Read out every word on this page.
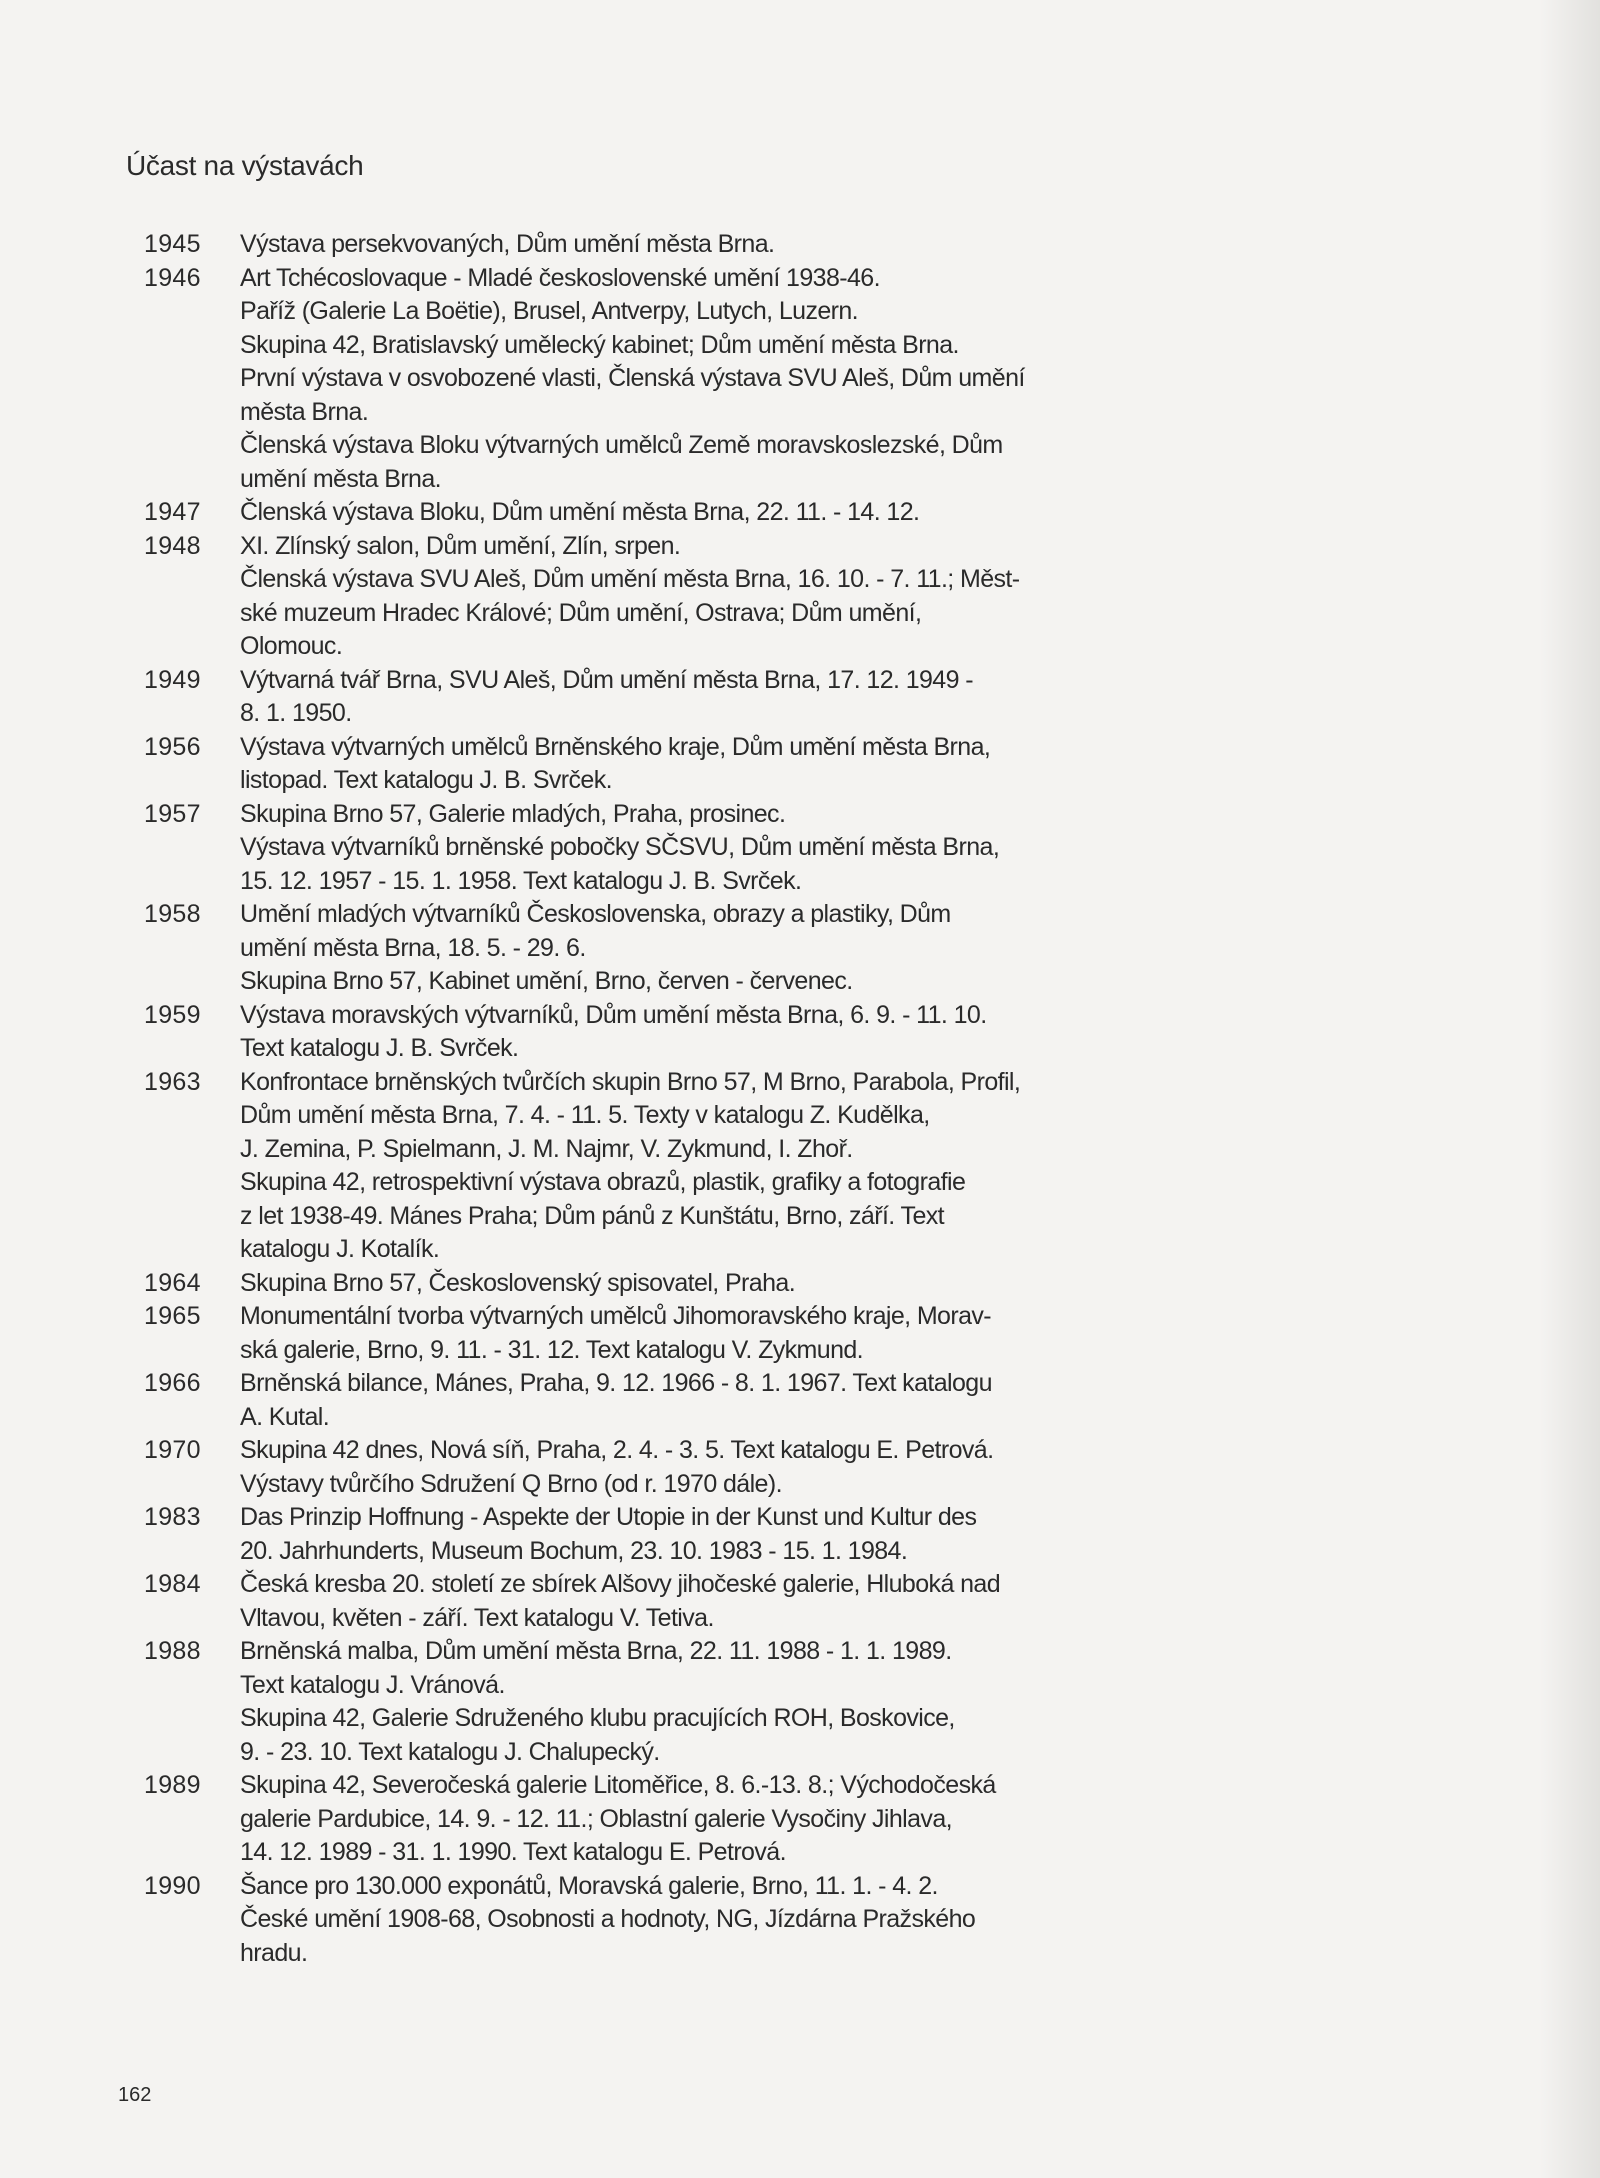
Účast na výstavách
1945	Výstava persekvovaných, Dům umění města Brna.
1946	Art Tchécoslovaque - Mladé československé umění 1938-46.
Paříž (Galerie La Boëtie), Brusel, Antverpy, Lutych, Luzern.
Skupina 42, Bratislavský umělecký kabinet; Dům umění města Brna.
První výstava v osvobozené vlasti, Členská výstava SVU Aleš, Dům umění
města Brna.
Členská výstava Bloku výtvarných umělců Země moravskoslezské, Dům
umění města Brna.
1947	Členská výstava Bloku, Dům umění města Brna, 22. 11. - 14. 12.
1948	XI. Zlínský salon, Dům umění, Zlín, srpen.
Členská výstava SVU Aleš, Dům umění města Brna, 16. 10. - 7. 11.; Měst-
ské muzeum Hradec Králové; Dům umění, Ostrava; Dům umění,
Olomouc.
1949	Výtvarná tvář Brna, SVU Aleš, Dům umění města Brna, 17. 12. 1949 -
8. 1. 1950.
1956	Výstava výtvarných umělců Brněnského kraje, Dům umění města Brna,
listopad. Text katalogu J. B. Svrček.
1957	Skupina Brno 57, Galerie mladých, Praha, prosinec.
Výstava výtvarníků brněnské pobočky SČSVU, Dům umění města Brna,
15. 12. 1957 - 15. 1. 1958. Text katalogu J. B. Svrček.
1958	Umění mladých výtvarníků Československa, obrazy a plastiky, Dům
umění města Brna, 18. 5. - 29. 6.
Skupina Brno 57, Kabinet umění, Brno, červen - červenec.
1959	Výstava moravských výtvarníků, Dům umění města Brna, 6. 9. - 11. 10.
Text katalogu J. B. Svrček.
1963	Konfrontace brněnských tvůrčích skupin Brno 57, M Brno, Parabola, Profil,
Dům umění města Brna, 7. 4. - 11. 5. Texty v katalogu Z. Kudělka,
J. Zemina, P. Spielmann, J. M. Najmr, V. Zykmund, I. Zhoř.
Skupina 42, retrospektivní výstava obrazů, plastik, grafiky a fotografie
z let 1938-49. Mánes Praha; Dům pánů z Kunštátu, Brno, září. Text
katalogu J. Kotalík.
1964	Skupina Brno 57, Československý spisovatel, Praha.
1965	Monumentální tvorba výtvarných umělců Jihomoravského kraje, Morav-
ská galerie, Brno, 9. 11. - 31. 12. Text katalogu V. Zykmund.
1966	Brněnská bilance, Mánes, Praha, 9. 12. 1966 - 8. 1. 1967. Text katalogu
A. Kutal.
1970	Skupina 42 dnes, Nová síň, Praha, 2. 4. - 3. 5. Text katalogu E. Petrová.
Výstavy tvůrčího Sdružení Q Brno (od r. 1970 dále).
1983	Das Prinzip Hoffnung - Aspekte der Utopie in der Kunst und Kultur des
20. Jahrhunderts, Museum Bochum, 23. 10. 1983 - 15. 1. 1984.
1984	Česká kresba 20. století ze sbírek Alšovy jihočeské galerie, Hluboká nad
Vltavou, květen - září. Text katalogu V. Tetiva.
1988	Brněnská malba, Dům umění města Brna, 22. 11. 1988 - 1. 1. 1989.
Text katalogu J. Vránová.
Skupina 42, Galerie Sdruženého klubu pracujících ROH, Boskovice,
9. - 23. 10. Text katalogu J. Chalupecký.
1989	Skupina 42, Severočeská galerie Litoměřice, 8. 6.-13. 8.; Východočeská
galerie Pardubice, 14. 9. - 12. 11.; Oblastní galerie Vysočiny Jihlava,
14. 12. 1989 - 31. 1. 1990. Text katalogu E. Petrová.
1990	Šance pro 130.000 exponátů, Moravská galerie, Brno, 11. 1. - 4. 2.
České umění 1908-68, Osobnosti a hodnoty, NG, Jízdárna Pražského
hradu.
162
